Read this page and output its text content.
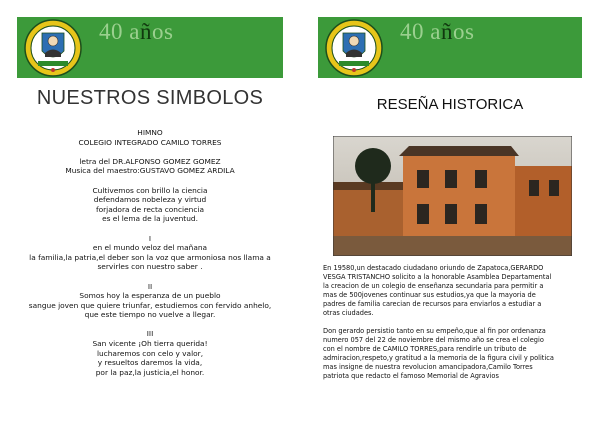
40 años
NUESTROS SIMBOLOS
HIMNO
COLEGIO INTEGRADO CAMILO TORRES
letra del DR.ALFONSO GOMEZ GOMEZ
Musica del maestro:GUSTAVO GOMEZ ARDILA
Cultivemos con brillo la ciencia
defendamos nobeleza y virtud
forjadora de recta conciencia
es el lema de la juventud.
I
en el mundo veloz del mañana
la familia,la patria,el deber son la voz que armoniosa nos llama a
servirles con nuestro saber .
II
Somos hoy la esperanza de un pueblo
sangue joven que quiere triunfar, estudiemos con fervido anhelo,
que este tiempo no vuelve a llegar.
III
San vicente ¡Oh tierra querida!
lucharemos con celo y valor,
y resueltos daremos la vida,
por la paz,la justicia,el honor.
40 años
RESEÑA HISTORICA
En 19580,un destacado ciudadano oriundo de Zapatoca,GERARDO
VESGA TRISTANCHO solicito a la honorable Asamblea Departamental
la creacion de un colegio de enseñanza secundaria para permitir a
mas de 500jovenes continuar sus estudios,ya que la mayoria de
padres de familia carecian de recursos para enviarlos a estudiar a
otras ciudades.
Don gerardo persistio tanto en su empeño,que al fin por ordenanza
numero 057 del 22 de noviembre del mismo año se crea el colegio
con el nombre de CAMILO TORRES,para rendirle un tributo de
admiracion,respeto,y gratitud a la memoria de la figura civil y politica
mas insigne de nuestra revolucion amancipadora,Camilo Torres
patriota que redacto el famoso Memorial de Agravios
